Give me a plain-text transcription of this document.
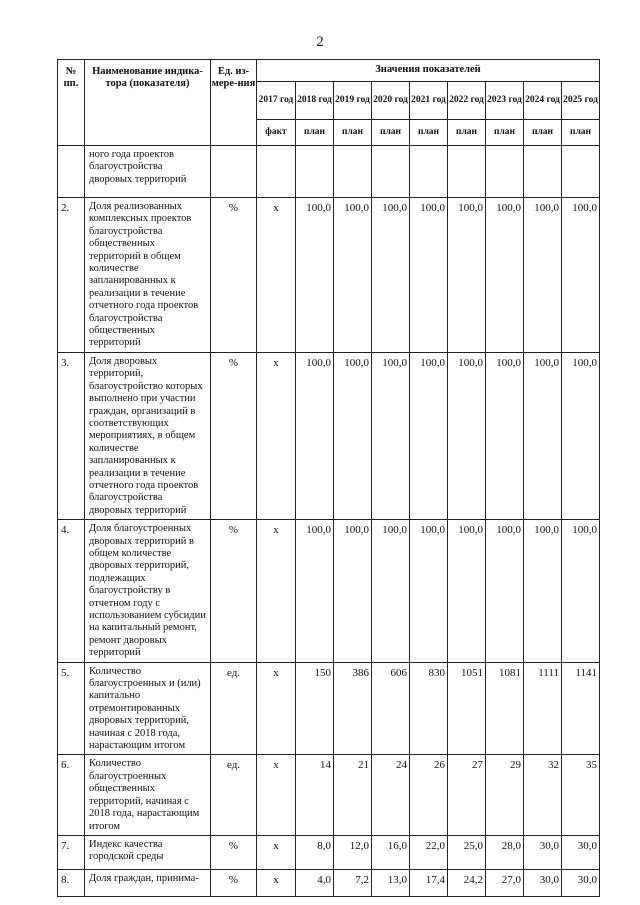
2
№ пп.	Наименование индика-тора (показателя)	Ед. из-мере-ния	Значения показателей								
			2017 год	2018 год	2019 год	2020 год	2021 год	2022 год	2023 год	2024 год	2025 год
			факт	план	план	план	план	план	план	план	план
	ного года проектов благоустройства дворовых территорий										
2.	Доля реализованных комплексных проектов благоустройства общественных территорий в общем количестве запланированных к реализации в течение отчетного года проектов благоустройства общественных территорий	%	x	100,0	100,0	100,0	100,0	100,0	100,0	100,0	100,0
3.	Доля дворовых территорий, благоустройство которых выполнено при участии граждан, организаций в соответствующих мероприятиях, в общем количестве запланированных к реализации в течение отчетного года проектов благоустройства дворовых территорий	%	x	100,0	100,0	100,0	100,0	100,0	100,0	100,0	100,0
4.	Доля благоустроенных дворовых территорий в общем количестве дворовых территорий, подлежащих благоустройству в отчетном году с использованием субсидии на капитальный ремонт, ремонт дворовых территорий	%	x	100,0	100,0	100,0	100,0	100,0	100,0	100,0	100,0
5.	Количество благоустроенных и (или) капитально отремонтированных дворовых территорий, начиная с 2018 года, нарастающим итогом	ед.	x	150	386	606	830	1051	1081	1111	1141
6.	Количество благоустроенных общественных территорий, начиная с 2018 года, нарастающим итогом	ед.	x	14	21	24	26	27	29	32	35
7.	Индекс качества городской среды	%	x	8,0	12,0	16,0	22,0	25,0	28,0	30,0	30,0
8.	Доля граждан, принима-	%	x	4,0	7,2	13,0	17,4	24,2	27,0	30,0	30,0
